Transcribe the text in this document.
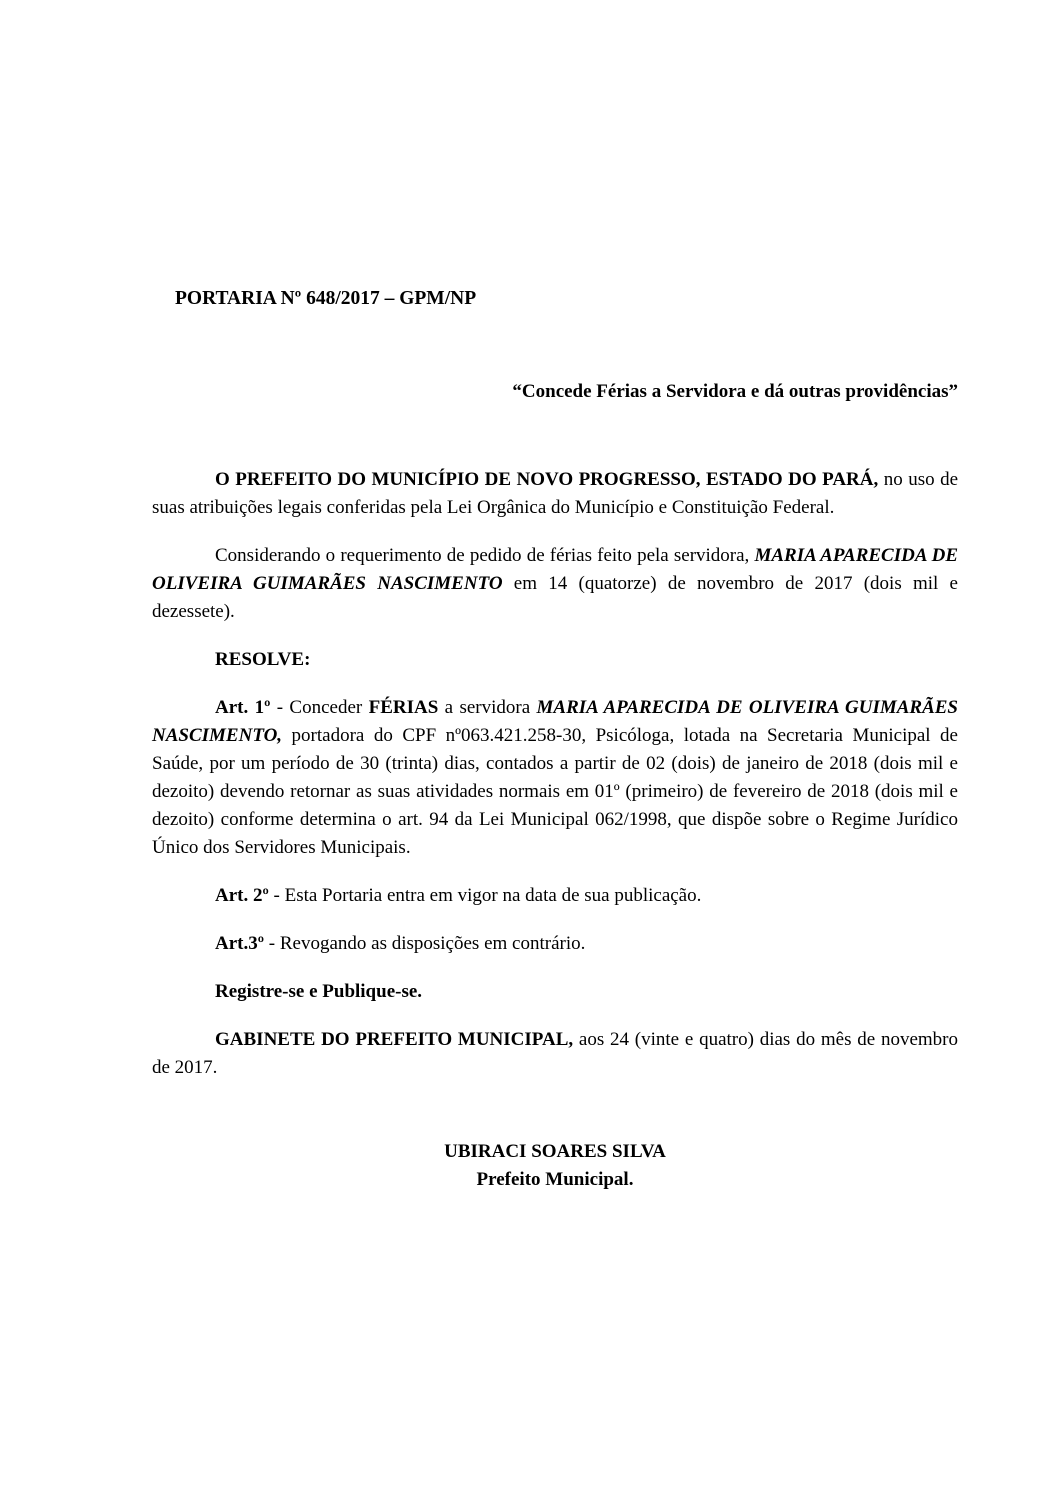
PORTARIA Nº 648/2017 – GPM/NP
“Concede Férias a Servidora e dá outras providências”

O PREFEITO DO MUNICÍPIO DE NOVO PROGRESSO, ESTADO DO PARÁ, no uso de suas atribuições legais conferidas pela Lei Orgânica do Município e Constituição Federal.

Considerando o requerimento de pedido de férias feito pela servidora, MARIA APARECIDA DE OLIVEIRA GUIMARÃES NASCIMENTO em 14 (quatorze) de novembro de 2017 (dois mil e dezessete).

RESOLVE:

Art. 1º - Conceder FÉRIAS a servidora MARIA APARECIDA DE OLIVEIRA GUIMARÃES NASCIMENTO, portadora do CPF nº063.421.258-30, Psicóloga, lotada na Secretaria Municipal de Saúde, por um período de 30 (trinta) dias, contados a partir de 02 (dois) de janeiro de 2018 (dois mil e dezoito) devendo retornar as suas atividades normais em 01º (primeiro) de fevereiro de 2018 (dois mil e dezoito) conforme determina o art. 94 da Lei Municipal 062/1998, que dispõe sobre o Regime Jurídico Único dos Servidores Municipais.

Art. 2º - Esta Portaria entra em vigor na data de sua publicação.

Art.3º - Revogando as disposições em contrário.

Registre-se e Publique-se.

GABINETE DO PREFEITO MUNICIPAL, aos 24 (vinte e quatro) dias do mês de novembro de 2017.

UBIRACI SOARES SILVA
Prefeito Municipal.
